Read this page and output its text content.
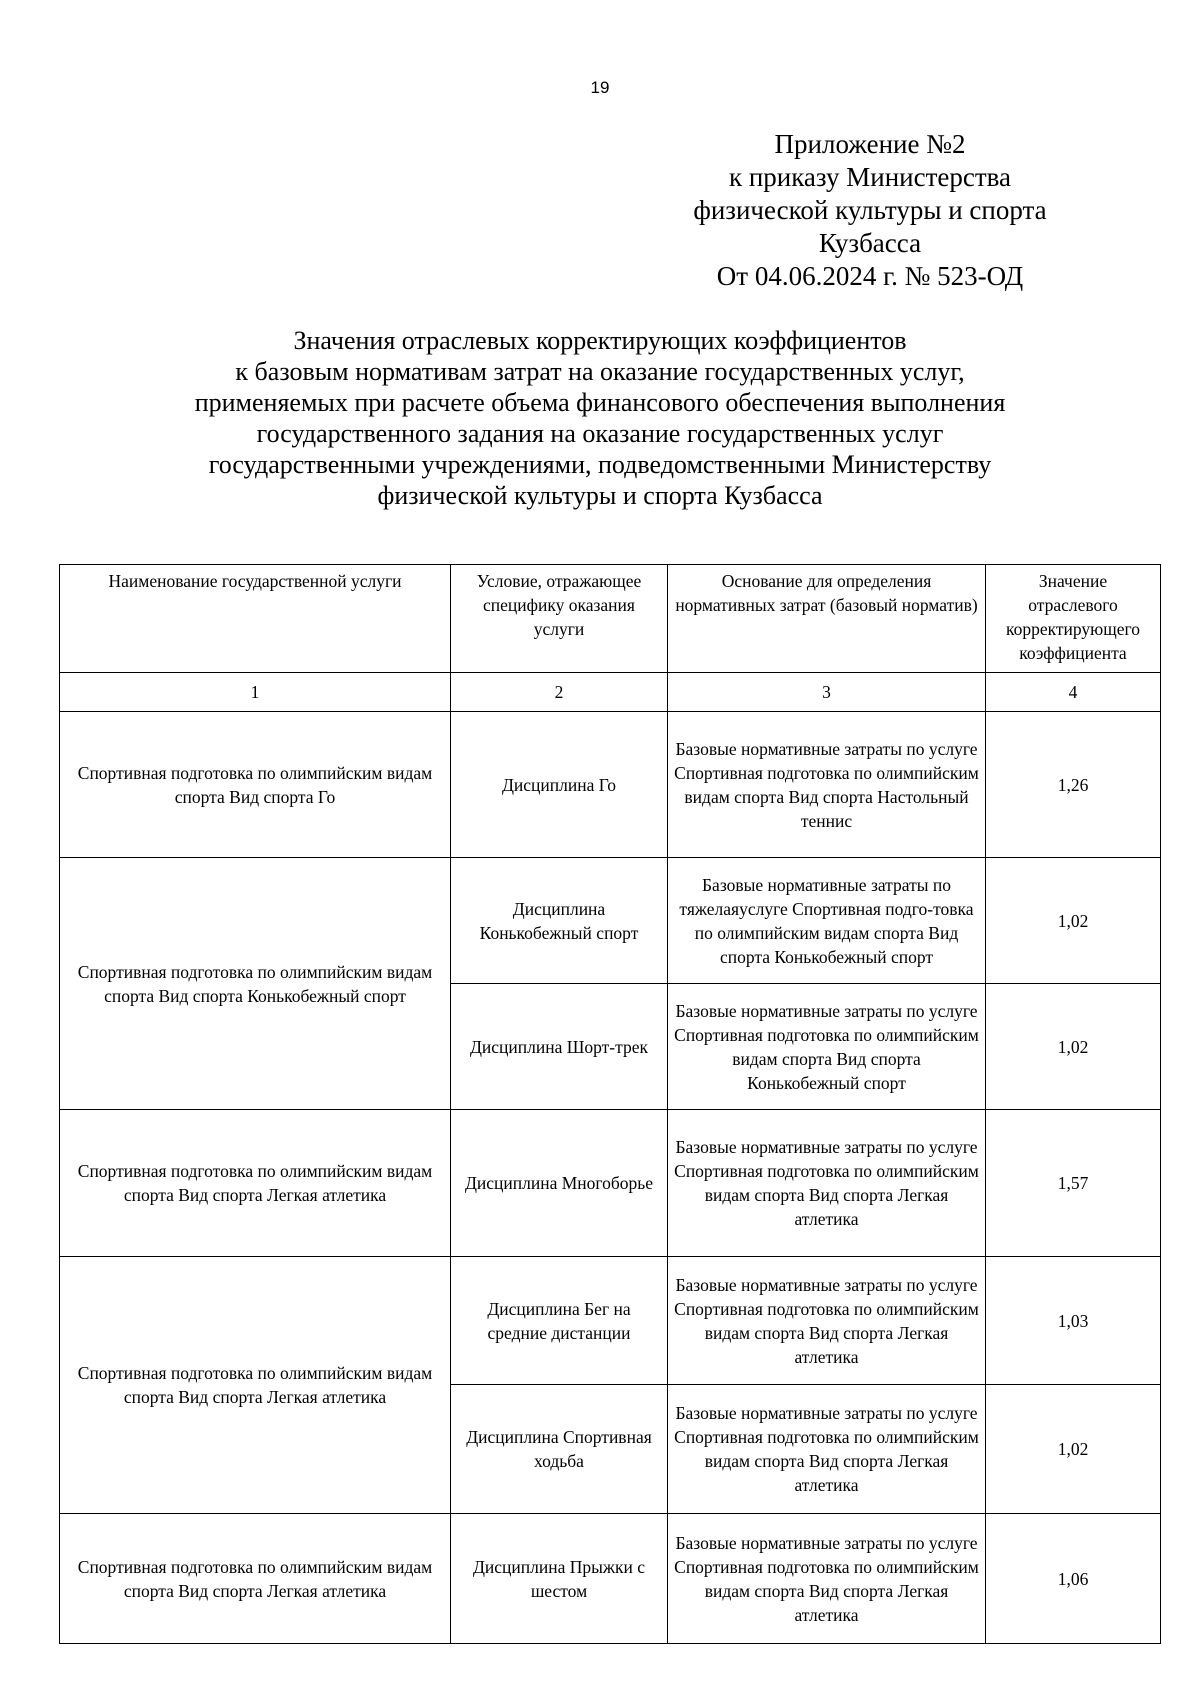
19
Приложение №2
к приказу Министерства
физической культуры и спорта
Кузбасса
От 04.06.2024 г. № 523-ОД
Значения отраслевых корректирующих коэффициентов
к базовым нормативам затрат на оказание государственных услуг,
применяемых при расчете объема финансового обеспечения выполнения
государственного задания на оказание государственных услуг
государственными учреждениями, подведомственными Министерству
физической культуры и спорта Кузбасса
Наименование государственной услуги	Условие, отражающее специфику оказания услуги	Основание для определения нормативных затрат (базовый норматив)	Значение отраслевого корректирующего коэффициента
1	2	3	4
Спортивная подготовка по олимпийским видам спорта Вид спорта Го	Дисциплина Го	Базовые нормативные затраты по услуге Спортивная подготовка по олимпийским видам спорта Вид спорта Настольный теннис	1,26
Спортивная подготовка по олимпийским видам спорта Вид спорта Конькобежный спорт	Дисциплина Конькобежный спорт	Базовые нормативные затраты по тяжелаяуслуге Спортивная подго-товка по олимпийским видам спорта Вид спорта Конькобежный спорт	1,02
	Дисциплина Шорт-трек	Базовые нормативные затраты по услуге Спортивная подготовка по олимпийским видам спорта Вид спорта Конькобежный спорт	1,02
Спортивная подготовка по олимпийским видам спорта Вид спорта Легкая атлетика	Дисциплина Многоборье	Базовые нормативные затраты по услуге Спортивная подготовка по олимпийским видам спорта Вид спорта Легкая атлетика	1,57
Спортивная подготовка по олимпийским видам спорта Вид спорта Легкая атлетика	Дисциплина Бег на средние дистанции	Базовые нормативные затраты по услуге Спортивная подготовка по олимпийским видам спорта Вид спорта Легкая атлетика	1,03
	Дисциплина Спортивная ходьба	Базовые нормативные затраты по услуге Спортивная подготовка по олимпийским видам спорта Вид спорта Легкая атлетика	1,02
Спортивная подготовка по олимпийским видам спорта Вид спорта Легкая атлетика	Дисциплина Прыжки с шестом	Базовые нормативные затраты по услуге Спортивная подготовка по олимпийским видам спорта Вид спорта Легкая атлетика	1,06
